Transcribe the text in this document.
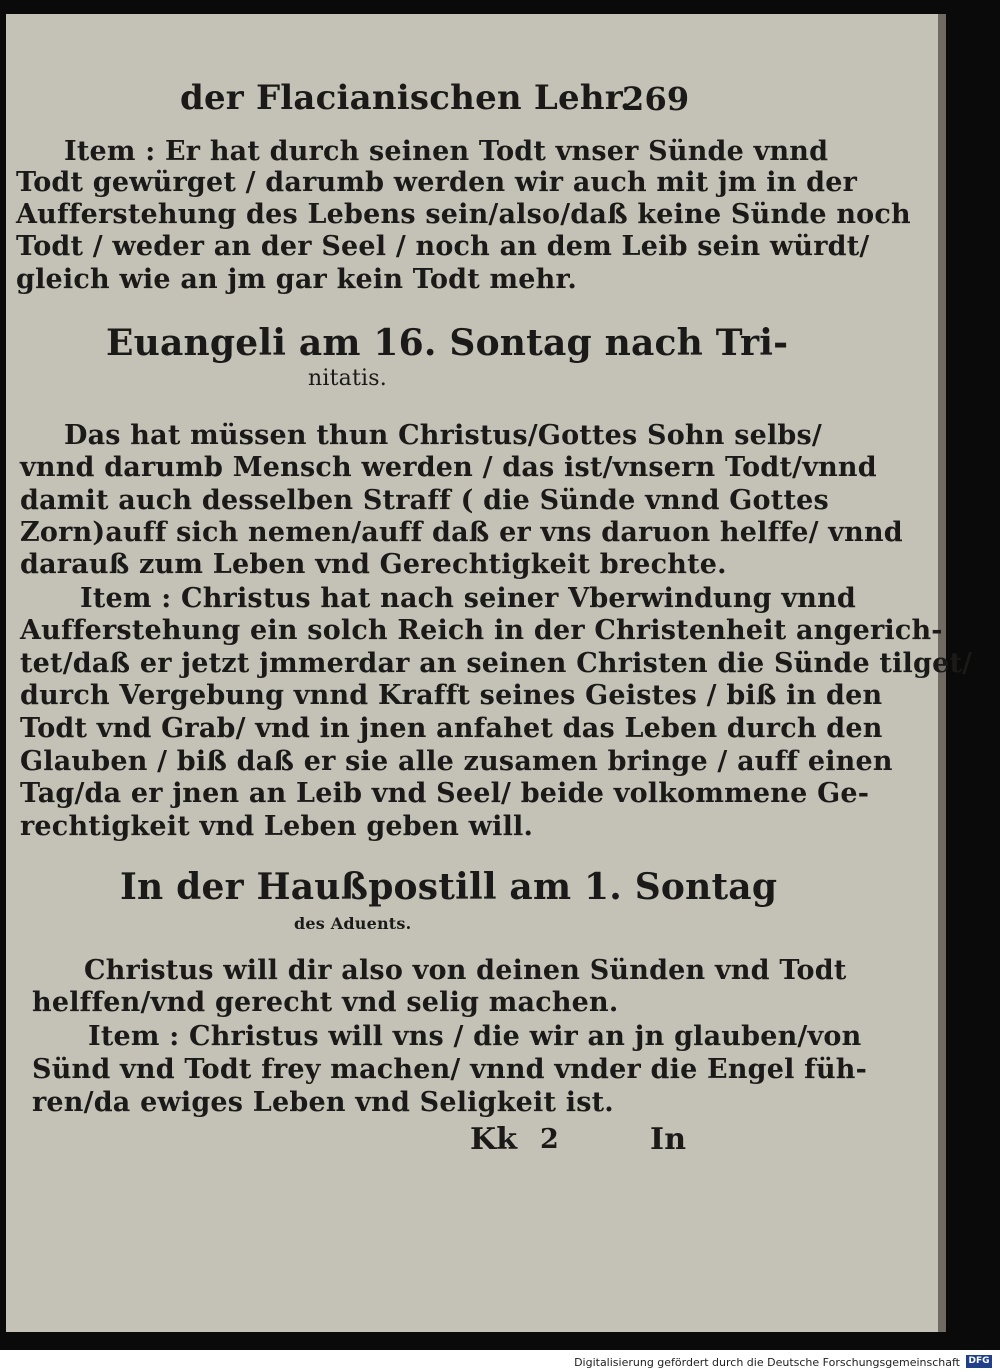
der Flacianischen Lehr.
269
Item : Er hat durch seinen Todt vnser Sünde vnnd
Todt gewürget / darumb werden wir auch mit jm in der
Aufferstehung des Lebens sein/also/daß keine Sünde noch
Todt / weder an der Seel / noch an dem Leib sein würdt/
gleich wie an jm gar kein Todt mehr.
Euangeli am 16. Sontag nach Tri-
nitatis.
Das hat müssen thun Christus/Gottes Sohn selbs/
vnnd darumb Mensch werden / das ist/vnsern Todt/vnnd
damit auch desselben Straff ( die Sünde vnnd Gottes
Zorn)auff sich nemen/auff daß er vns daruon helffe/ vnnd
darauß zum Leben vnd Gerechtigkeit brechte.
Item : Christus hat nach seiner Vberwindung vnnd
Aufferstehung ein solch Reich in der Christenheit angerich-
tet/daß er jetzt jmmerdar an seinen Christen die Sünde tilget/
durch Vergebung vnnd Krafft seines Geistes / biß in den
Todt vnd Grab/ vnd in jnen anfahet das Leben durch den
Glauben / biß daß er sie alle zusamen bringe / auff einen
Tag/da er jnen an Leib vnd Seel/ beide volkommene Ge-
rechtigkeit vnd Leben geben will.
In der Haußpostill am 1. Sontag
des Aduents.
Christus will dir also von deinen Sünden vnd Todt
helffen/vnd gerecht vnd selig machen.
Item : Christus will vns / die wir an jn glauben/von
Sünd vnd Todt frey machen/ vnnd vnder die Engel füh-
ren/da ewiges Leben vnd Seligkeit ist.
Kk 2	In
Digitalisierung gefördert durch die Deutsche Forschungsgemeinschaft DFG
